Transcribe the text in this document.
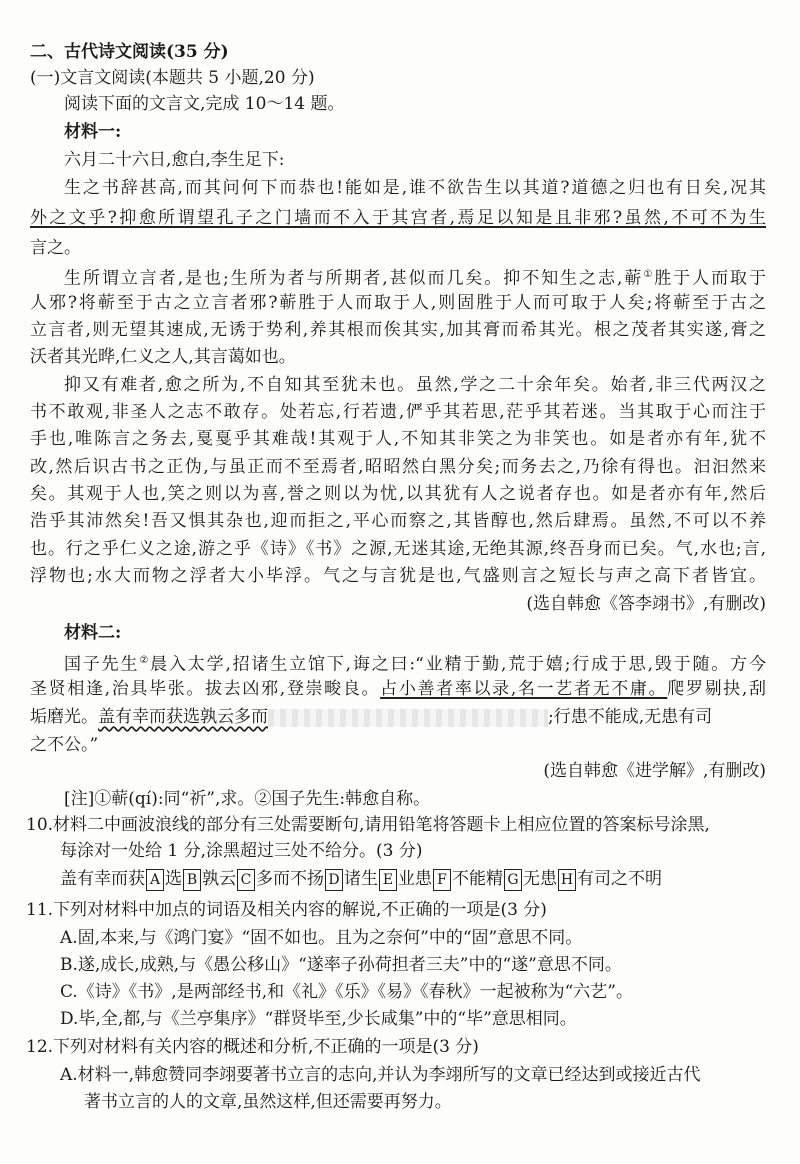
二、古代诗文阅读(35 分)
(一)文言文阅读(本题共 5 小题,20 分)
阅读下面的文言文,完成 10～14 题。
材料一:
六月二十六日,愈白,李生足下:
生之书辞甚高,而其问何下而恭也!能如是,谁不欲告生以其道?道德之归也有日矣,况其
外之文乎?抑愈所谓望孔子之门墙而不入于其宫者,焉足以知是且非邪?虽然,不可不为生
言之。
生所谓立言者,是也;生所为者与所期者,甚似而几矣。抑不知生之志,蕲①胜于人而取于
人邪?将蕲至于古之立言者邪?蕲胜于人而取于人,则固胜于人而可取于人矣;将蕲至于古之
立言者,则无望其速成,无诱于势利,养其根而俟其实,加其膏而希其光。根之茂者其实遂,膏之
沃者其光晔,仁义之人,其言蔼如也。
抑又有难者,愈之所为,不自知其至犹未也。虽然,学之二十余年矣。始者,非三代两汉之
书不敢观,非圣人之志不敢存。处若忘,行若遗,俨乎其若思,茫乎其若迷。当其取于心而注于
手也,唯陈言之务去,戛戛乎其难哉!其观于人,不知其非笑之为非笑也。如是者亦有年,犹不
改,然后识古书之正伪,与虽正而不至焉者,昭昭然白黑分矣;而务去之,乃徐有得也。汩汩然来
矣。其观于人也,笑之则以为喜,誉之则以为忧,以其犹有人之说者存也。如是者亦有年,然后
浩乎其沛然矣!吾又惧其杂也,迎而拒之,平心而察之,其皆醇也,然后肆焉。虽然,不可以不养
也。行之乎仁义之途,游之乎《诗》《书》之源,无迷其途,无绝其源,终吾身而已矣。气,水也;言,
浮物也;水大而物之浮者大小毕浮。气之与言犹是也,气盛则言之短长与声之高下者皆宜。
(选自韩愈《答李翊书》,有删改)
材料二:
国子先生②晨入太学,招诸生立馆下,诲之曰:“业精于勤,荒于嬉;行成于思,毁于随。方今
圣贤相逢,治具毕张。拔去凶邪,登崇畯良。占小善者率以录,名一艺者无不庸。爬罗剔抉,刮
垢磨光。盖有幸而获选孰云多而	;行患不能成,无患有司
之不公。”
(选自韩愈《进学解》,有删改)
[注]①蕲(qí):同“祈”,求。②国子先生:韩愈自称。
10.材料二中画波浪线的部分有三处需要断句,请用铅笔将答题卡上相应位置的答案标号涂黑,
每涂对一处给 1 分,涂黑超过三处不给分。(3 分)
盖有幸而获 A 选 B 孰云 C 多而不扬 D 诸生 E 业患 F 不能精 G 无患 H 有司之不明
11.下列对材料中加点的词语及相关内容的解说,不正确的一项是(3 分)
A.固,本来,与《鸿门宴》“固不如也。且为之奈何”中的“固”意思不同。
B.遂,成长,成熟,与《愚公移山》“遂率子孙荷担者三夫”中的“遂”意思不同。
C.《诗》《书》,是两部经书,和《礼》《乐》《易》《春秋》一起被称为“六艺”。
D.毕,全,都,与《兰亭集序》“群贤毕至,少长咸集”中的“毕”意思相同。
12.下列对材料有关内容的概述和分析,不正确的一项是(3 分)
A.材料一,韩愈赞同李翊要著书立言的志向,并认为李翊所写的文章已经达到或接近古代
著书立言的人的文章,虽然这样,但还需要再努力。
